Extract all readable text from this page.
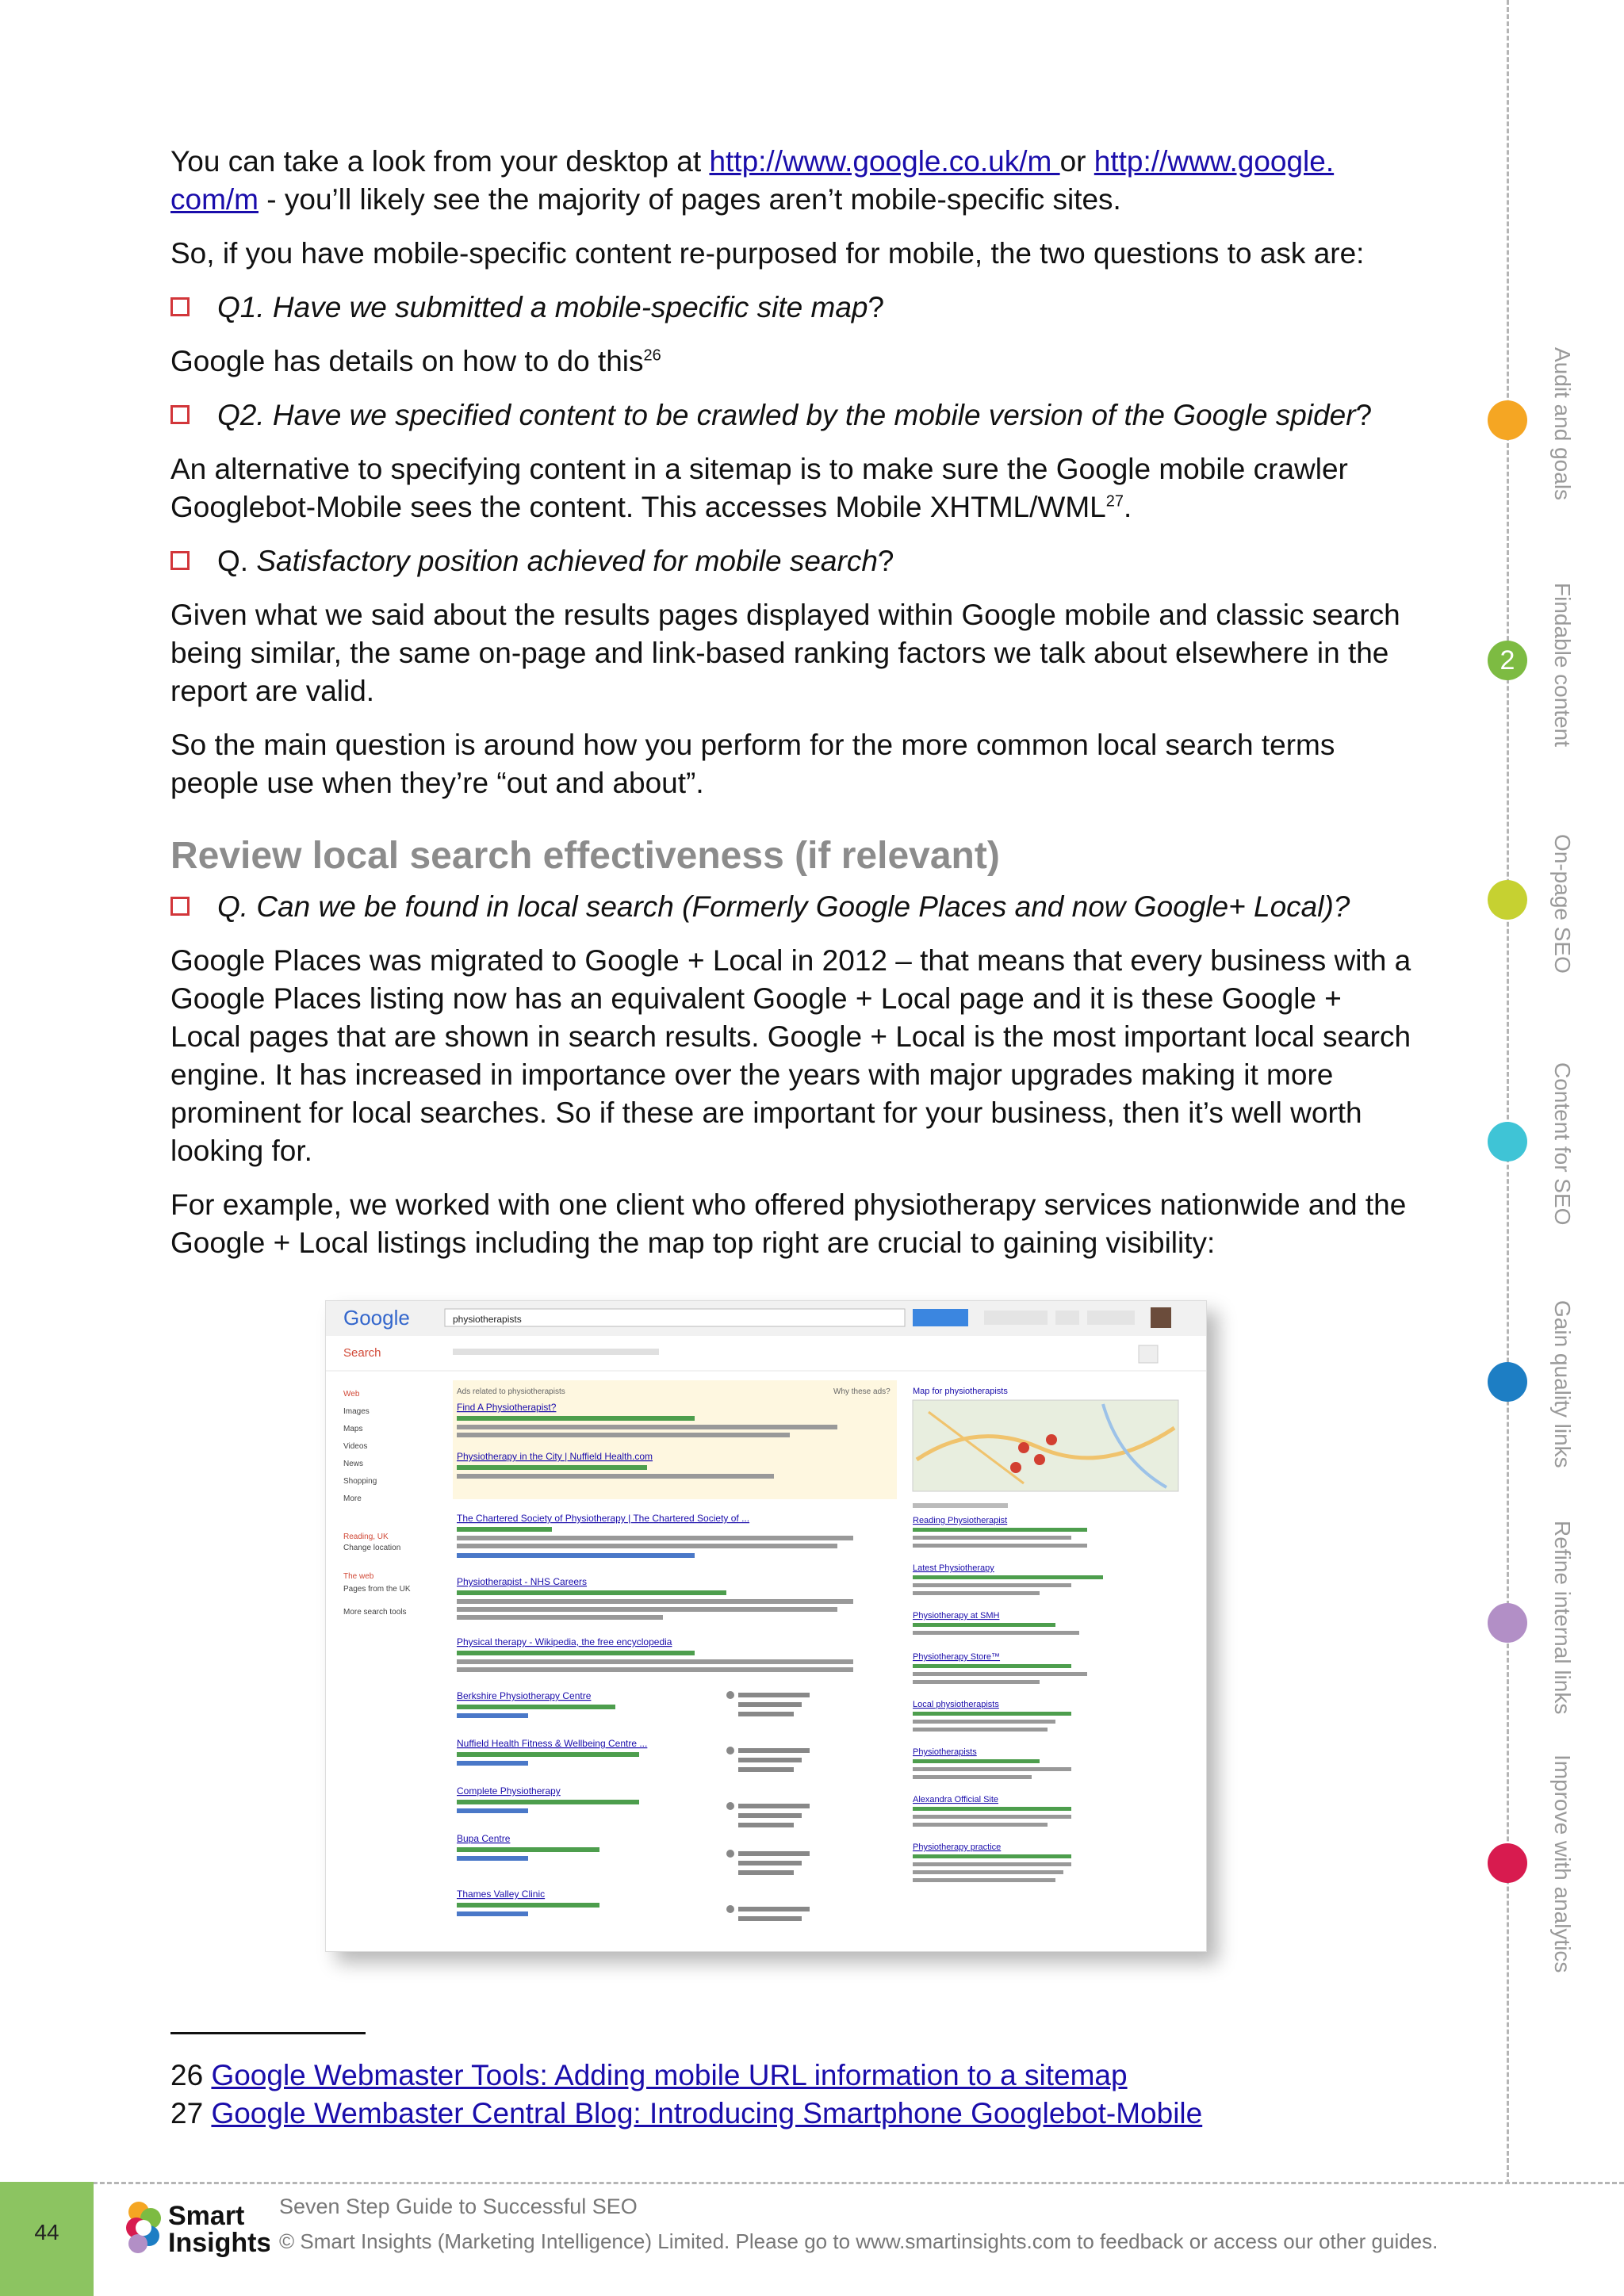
You can take a look from your desktop at http://www.google.co.uk/m or http://www.google.
com/m - you’ll likely see the majority of pages aren’t mobile-specific sites.

So, if you have mobile-specific content re-purposed for mobile, the two questions to ask are:

Q1. Have we submitted a mobile-specific site map?

Google has details on how to do this$^{26}$

Q2. Have we specified content to be crawled by the mobile version of the Google spider?

An alternative to specifying content in a sitemap is to make sure the Google mobile crawler
Googlebot-Mobile sees the content. This accesses Mobile XHTML/WML$^{27}$.

Q. Satisfactory position achieved for mobile search?

Given what we said about the results pages displayed within Google mobile and classic search being similar, the same on-page and link-based ranking factors we talk about elsewhere in the report are valid.

So the main question is around how you perform for the more common local search terms people use when they’re “out and about”.

Review local search effectiveness (if relevant)
Q. Can we be found in local search (Formerly Google Places and now Google+ Local)?

Google Places was migrated to Google + Local in 2012 – that means that every business with a Google Places listing now has an equivalent Google + Local page and it is these Google + Local pages that are shown in search results. Google + Local is the most important local search engine. It has increased in importance over the years with major upgrades making it more prominent for local searches. So if these are important for your business, then it’s well worth looking for.

For example, we worked with one client who offered physiotherapy services nationwide and the Google + Local listings including the map top right are crucial to gaining visibility:

Google	physiotherapists
Search
Web
Images
Maps
Videos
News
Shopping
More
Reading, UK
Change location
The web
Pages from the UK
More search tools
Ads related to physiotherapists	Why these ads?
Find A Physiotherapist?
Physiotherapy in the City | Nuffield Health.com
The Chartered Society of Physiotherapy | The Chartered Society of ...
Physiotherapist - NHS Careers
Physical therapy - Wikipedia, the free encyclopedia
Berkshire Physiotherapy Centre
Nuffield Health Fitness & Wellbeing Centre ...
Complete Physiotherapy
Bupa Centre
Thames Valley Clinic
Map for physiotherapists
Reading Physiotherapist
Latest Physiotherapy
Physiotherapy at SMH
Physiotherapy Store™
Local physiotherapists
Physiotherapists
Alexandra Official Site
Physiotherapy practice
26 Google Webmaster Tools: Adding mobile URL information to a sitemap
27 Google Wembaster Central Blog: Introducing Smartphone Googlebot-Mobile
2
Audit and goals
Findable content
On-page SEO
Content for SEO
Gain quality links
Refine internal links
Improve with analytics
44
Smart
Insights
Seven Step Guide to Successful SEO
© Smart Insights (Marketing Intelligence) Limited. Please go to www.smartinsights.com to feedback or access our other guides.
